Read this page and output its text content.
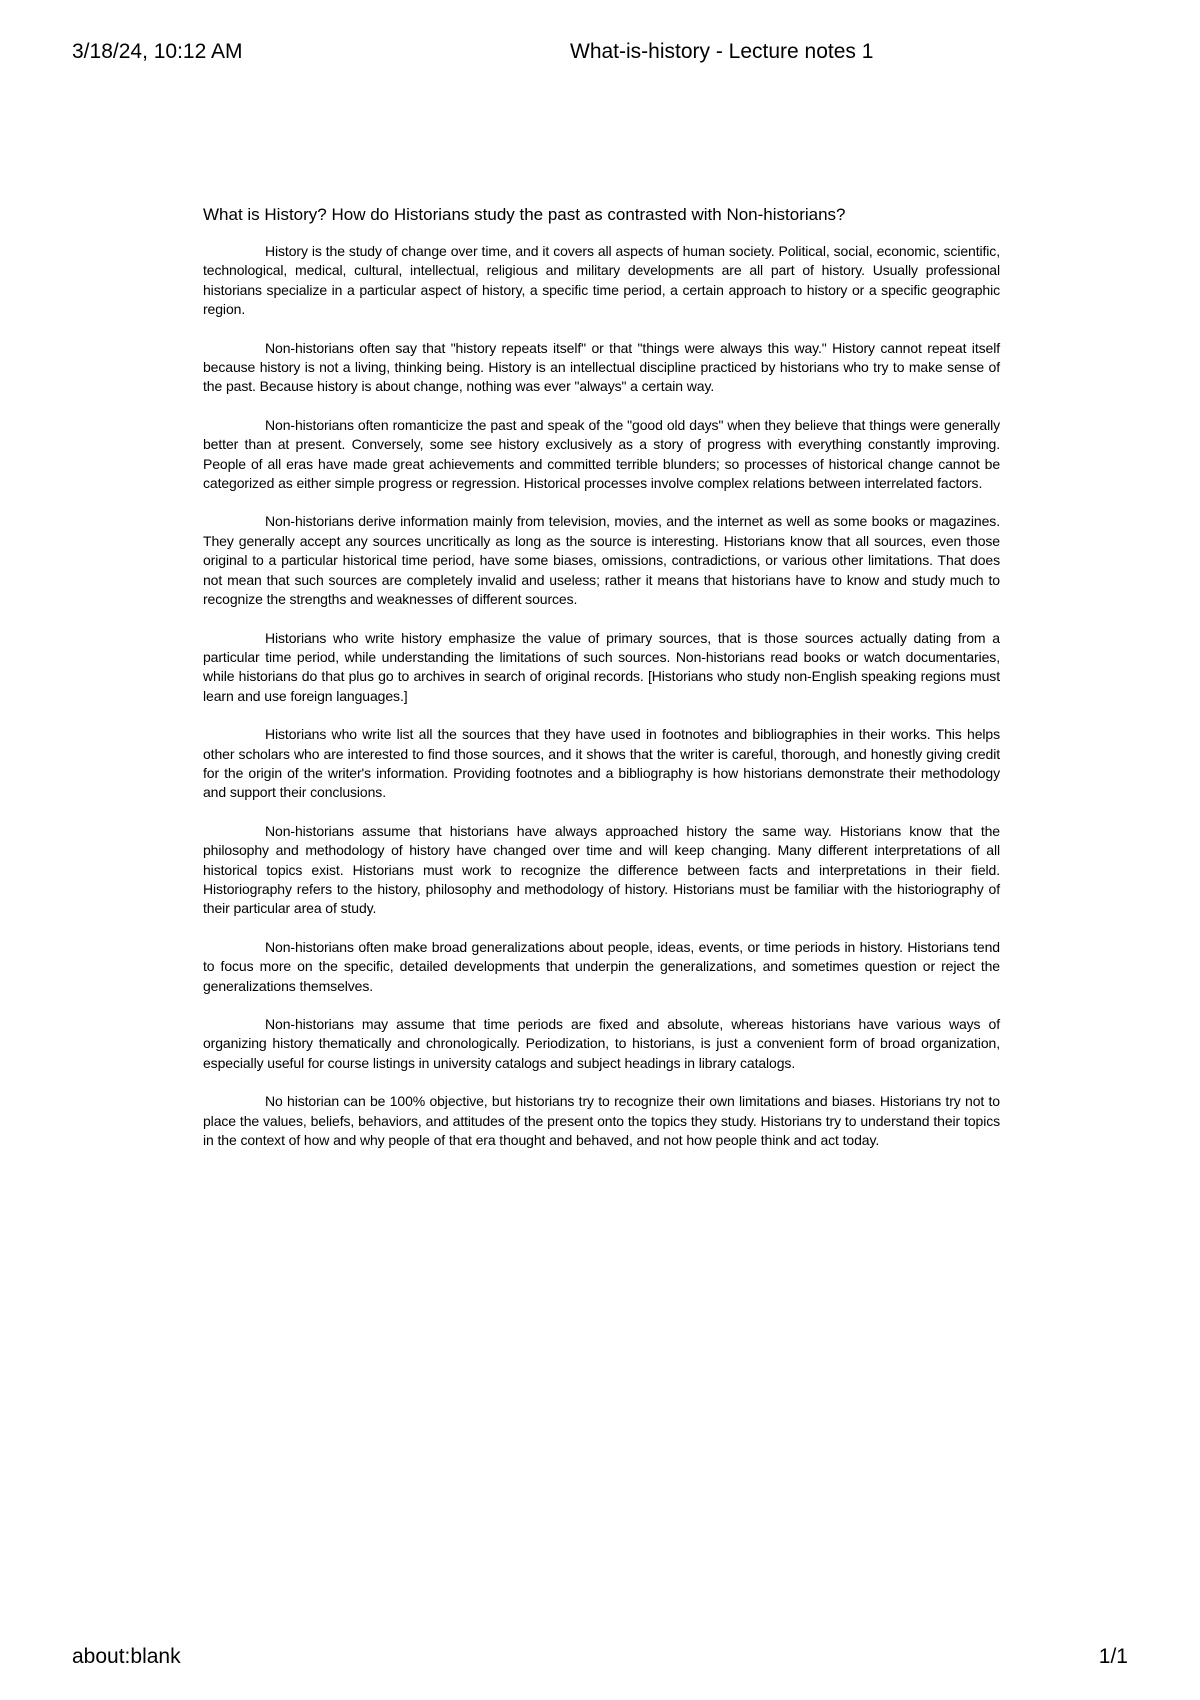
3/18/24, 10:12 AM	What-is-history - Lecture notes 1
What is History? How do Historians study the past as contrasted with Non-historians?

History is the study of change over time, and it covers all aspects of human society. Political, social, economic, scientific, technological, medical, cultural, intellectual, religious and military developments are all part of history. Usually professional historians specialize in a particular aspect of history, a specific time period, a certain approach to history or a specific geographic region.

Non-historians often say that "history repeats itself" or that "things were always this way." History cannot repeat itself because history is not a living, thinking being. History is an intellectual discipline practiced by historians who try to make sense of the past. Because history is about change, nothing was ever "always" a certain way.

Non-historians often romanticize the past and speak of the "good old days" when they believe that things were generally better than at present. Conversely, some see history exclusively as a story of progress with everything constantly improving. People of all eras have made great achievements and committed terrible blunders; so processes of historical change cannot be categorized as either simple progress or regression. Historical processes involve complex relations between interrelated factors.

Non-historians derive information mainly from television, movies, and the internet as well as some books or magazines. They generally accept any sources uncritically as long as the source is interesting. Historians know that all sources, even those original to a particular historical time period, have some biases, omissions, contradictions, or various other limitations. That does not mean that such sources are completely invalid and useless; rather it means that historians have to know and study much to recognize the strengths and weaknesses of different sources.

Historians who write history emphasize the value of primary sources, that is those sources actually dating from a particular time period, while understanding the limitations of such sources. Non-historians read books or watch documentaries, while historians do that plus go to archives in search of original records. [Historians who study non-English speaking regions must learn and use foreign languages.]

Historians who write list all the sources that they have used in footnotes and bibliographies in their works. This helps other scholars who are interested to find those sources, and it shows that the writer is careful, thorough, and honestly giving credit for the origin of the writer's information. Providing footnotes and a bibliography is how historians demonstrate their methodology and support their conclusions.

Non-historians assume that historians have always approached history the same way. Historians know that the philosophy and methodology of history have changed over time and will keep changing. Many different interpretations of all historical topics exist. Historians must work to recognize the difference between facts and interpretations in their field. Historiography refers to the history, philosophy and methodology of history. Historians must be familiar with the historiography of their particular area of study.

Non-historians often make broad generalizations about people, ideas, events, or time periods in history. Historians tend to focus more on the specific, detailed developments that underpin the generalizations, and sometimes question or reject the generalizations themselves.

Non-historians may assume that time periods are fixed and absolute, whereas historians have various ways of organizing history thematically and chronologically. Periodization, to historians, is just a convenient form of broad organization, especially useful for course listings in university catalogs and subject headings in library catalogs.

No historian can be 100% objective, but historians try to recognize their own limitations and biases. Historians try not to place the values, beliefs, behaviors, and attitudes of the present onto the topics they study. Historians try to understand their topics in the context of how and why people of that era thought and behaved, and not how people think and act today.

about:blank	1/1
